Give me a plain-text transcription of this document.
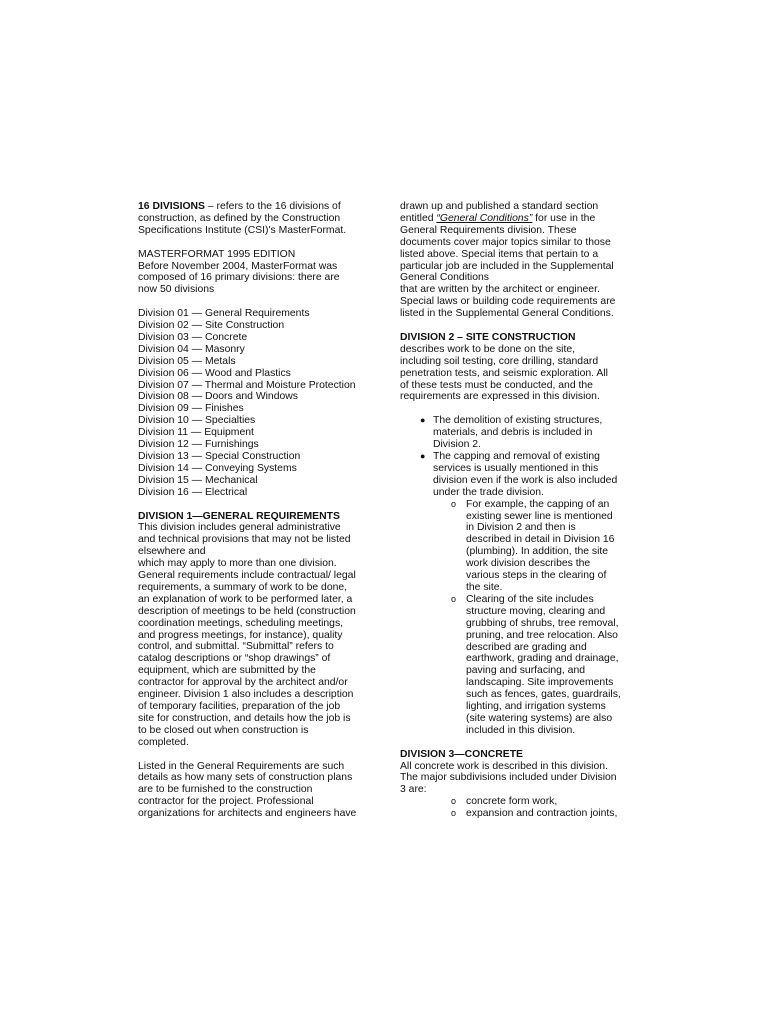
16 DIVISIONS – refers to the 16 divisions of
construction, as defined by the Construction
Specifications Institute (CSI)'s MasterFormat.
MASTERFORMAT 1995 EDITION
Before November 2004, MasterFormat was
composed of 16 primary divisions: there are
now 50 divisions
Division 01 — General Requirements
Division 02 — Site Construction
Division 03 — Concrete
Division 04 — Masonry
Division 05 — Metals
Division 06 — Wood and Plastics
Division 07 — Thermal and Moisture Protection
Division 08 — Doors and Windows
Division 09 — Finishes
Division 10 — Specialties
Division 11 — Equipment
Division 12 — Furnishings
Division 13 — Special Construction
Division 14 — Conveying Systems
Division 15 — Mechanical
Division 16 — Electrical
DIVISION 1—GENERAL REQUIREMENTS
This division includes general administrative
and technical provisions that may not be listed
elsewhere and
which may apply to more than one division.
General requirements include contractual/ legal
requirements, a summary of work to be done,
an explanation of work to be performed later, a
description of meetings to be held (construction
coordination meetings, scheduling meetings,
and progress meetings, for instance), quality
control, and submittal. “Submittal” refers to
catalog descriptions or “shop drawings” of
equipment, which are submitted by the
contractor for approval by the architect and/or
engineer. Division 1 also includes a description
of temporary facilities, preparation of the job
site for construction, and details how the job is
to be closed out when construction is
completed.
Listed in the General Requirements are such
details as how many sets of construction plans
are to be furnished to the construction
contractor for the project. Professional
organizations for architects and engineers have
drawn up and published a standard section
entitled “General Conditions” for use in the
General Requirements division. These
documents cover major topics similar to those
listed above. Special items that pertain to a
particular job are included in the Supplemental
General Conditions
that are written by the architect or engineer.
Special laws or building code requirements are
listed in the Supplemental General Conditions.
DIVISION 2 – SITE CONSTRUCTION
describes work to be done on the site,
including soil testing, core drilling, standard
penetration tests, and seismic exploration. All
of these tests must be conducted, and the
requirements are expressed in this division.
● The demolition of existing structures,
materials, and debris is included in
Division 2.
● The capping and removal of existing
services is usually mentioned in this
division even if the work is also included
under the trade division.
o For example, the capping of an
existing sewer line is mentioned
in Division 2 and then is
described in detail in Division 16
(plumbing). In addition, the site
work division describes the
various steps in the clearing of
the site.
o Clearing of the site includes
structure moving, clearing and
grubbing of shrubs, tree removal,
pruning, and tree relocation. Also
described are grading and
earthwork, grading and drainage,
paving and surfacing, and
landscaping. Site improvements
such as fences, gates, guardrails,
lighting, and irrigation systems
(site watering systems) are also
included in this division.
DIVISION 3—CONCRETE
All concrete work is described in this division.
The major subdivisions included under Division
3 are:
o concrete form work,
o expansion and contraction joints,
